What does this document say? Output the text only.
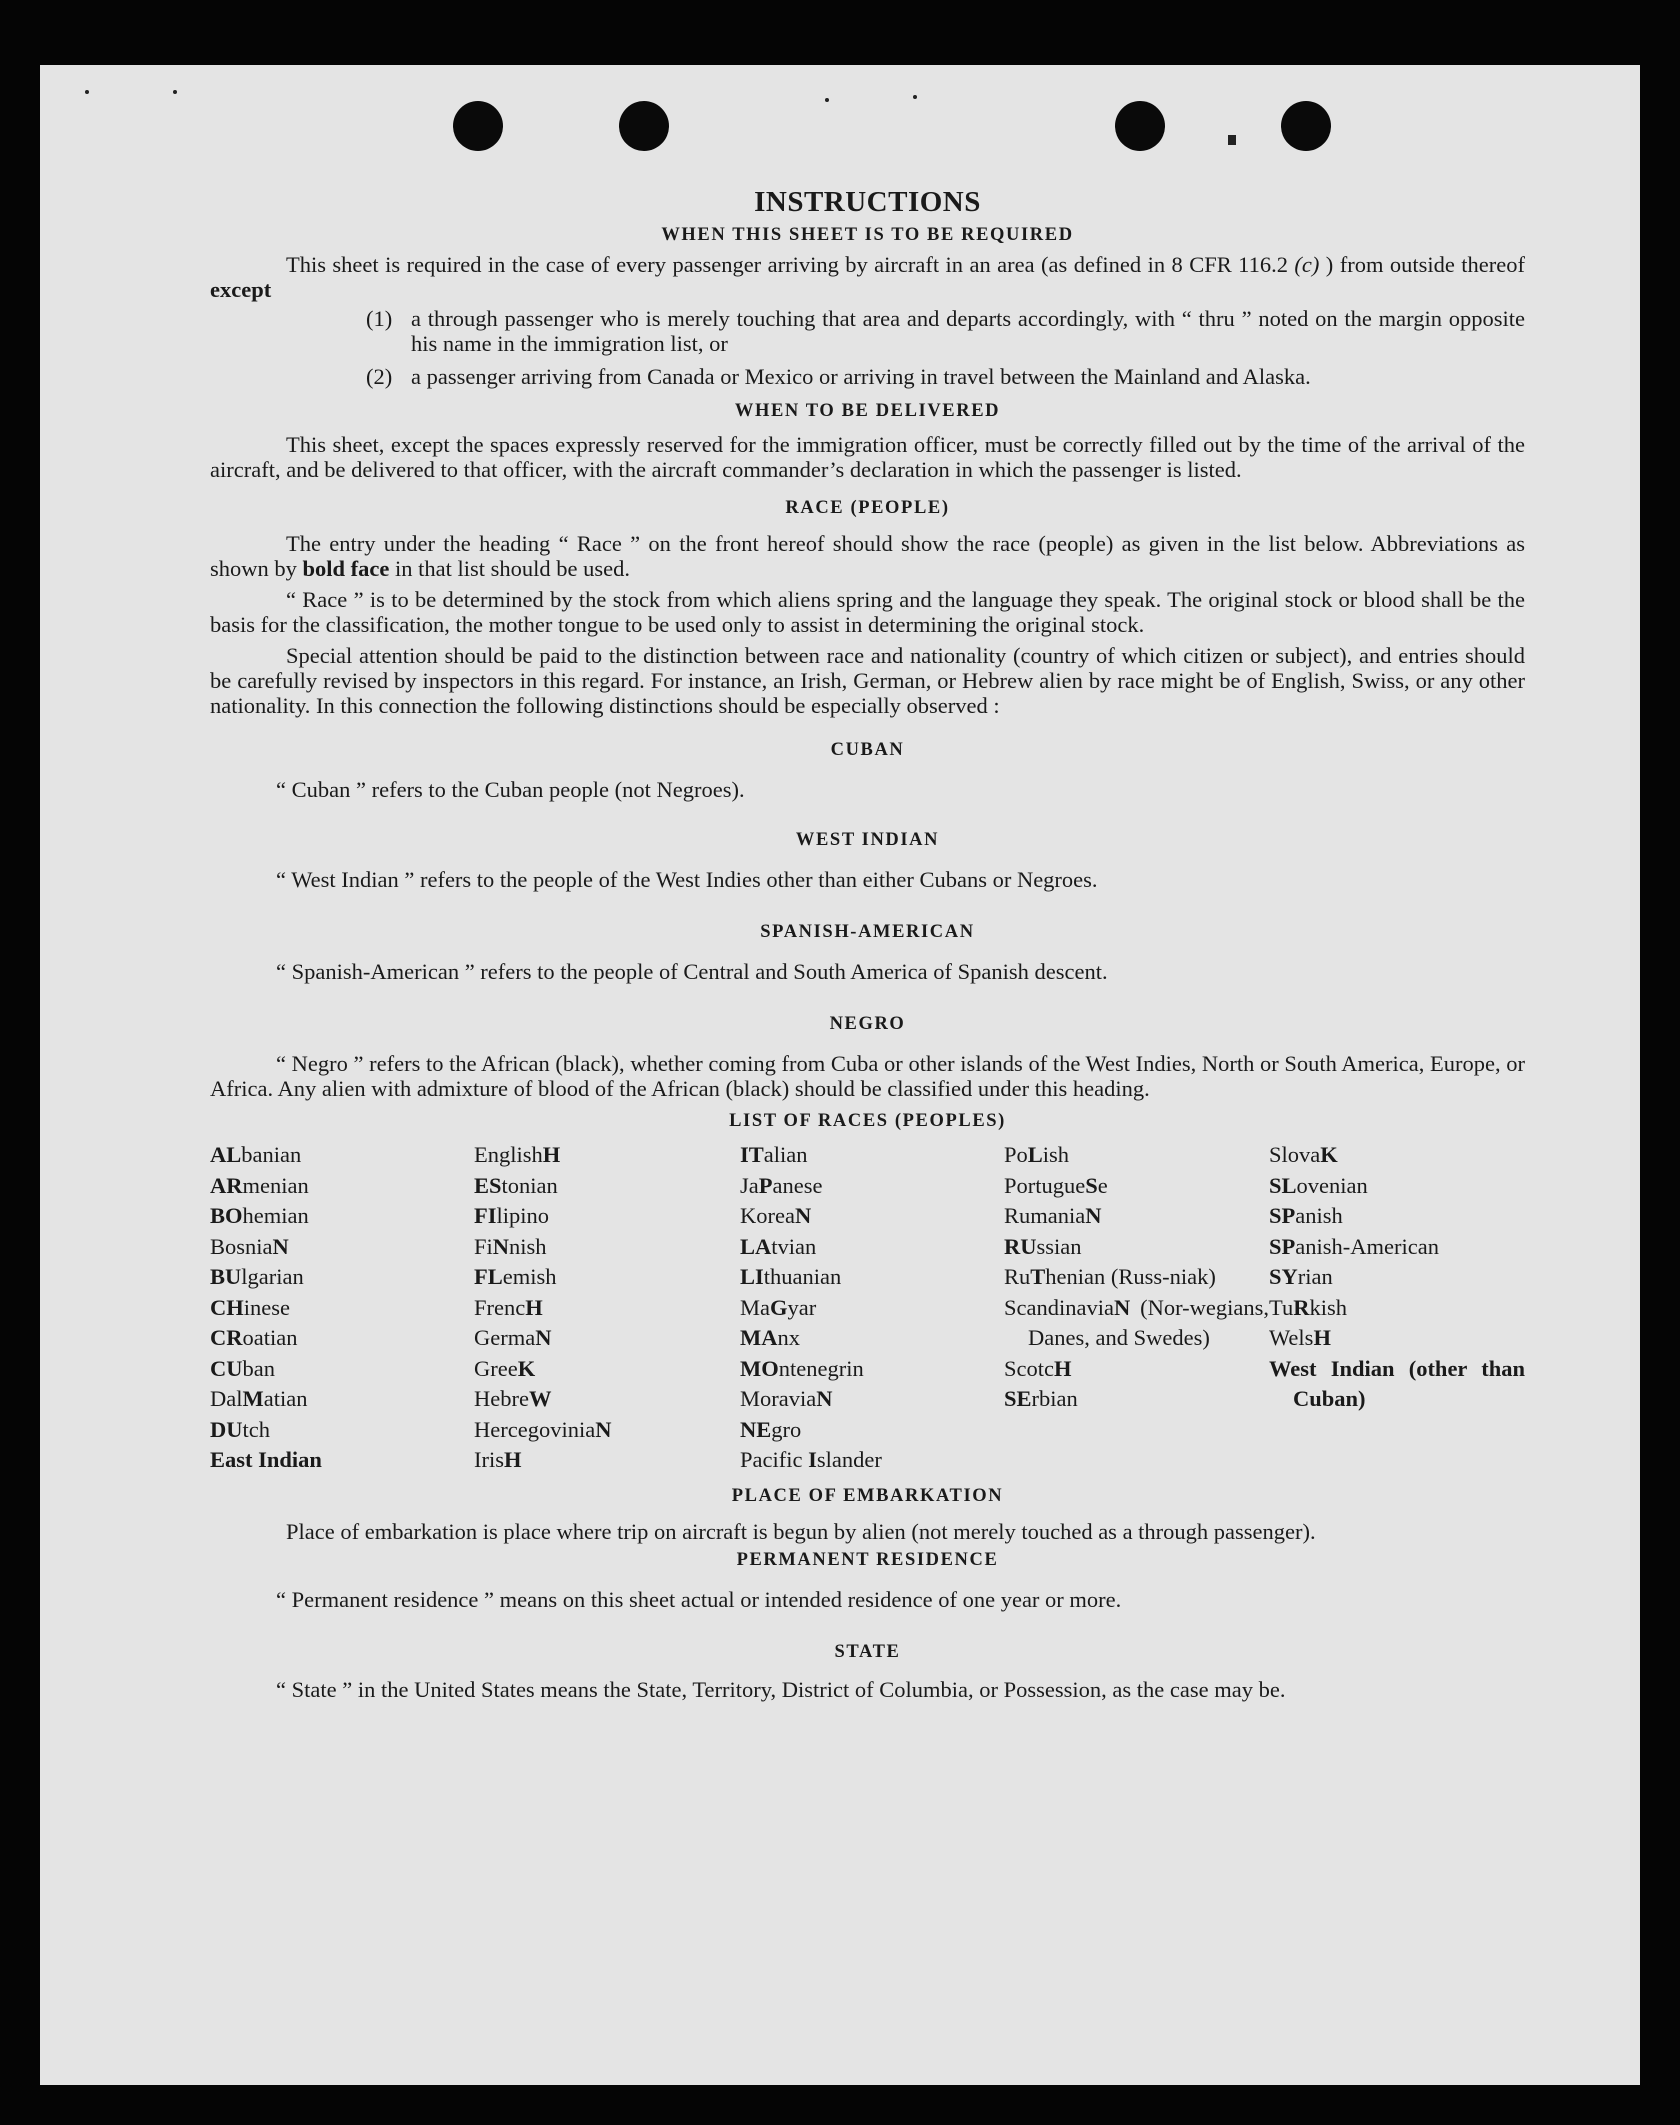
INSTRUCTIONS
WHEN THIS SHEET IS TO BE REQUIRED

This sheet is required in the case of every passenger arriving by aircraft in an area (as defined in 8 CFR 116.2 (c) ) from outside thereof except

(1) a through passenger who is merely touching that area and departs accordingly, with “ thru ” noted on the margin opposite his name in the immigration list, or
(2) a passenger arriving from Canada or Mexico or arriving in travel between the Mainland and Alaska.
WHEN TO BE DELIVERED

This sheet, except the spaces expressly reserved for the immigration officer, must be correctly filled out by the time of the arrival of the aircraft, and be delivered to that officer, with the aircraft commander’s declaration in which the passenger is listed.

RACE (PEOPLE)

The entry under the heading “ Race ” on the front hereof should show the race (people) as given in the list below. Abbreviations as shown by bold face in that list should be used.

“ Race ” is to be determined by the stock from which aliens spring and the language they speak. The original stock or blood shall be the basis for the classification, the mother tongue to be used only to assist in determining the original stock.

Special attention should be paid to the distinction between race and nationality (country of which citizen or subject), and entries should be carefully revised by inspectors in this regard. For instance, an Irish, German, or Hebrew alien by race might be of English, Swiss, or any other nationality. In this connection the following distinctions should be especially observed :

CUBAN

“ Cuban ” refers to the Cuban people (not Negroes).

WEST INDIAN

“ West Indian ” refers to the people of the West Indies other than either Cubans or Negroes.

SPANISH-AMERICAN

“ Spanish-American ” refers to the people of Central and South America of Spanish descent.

NEGRO

“ Negro ” refers to the African (black), whether coming from Cuba or other islands of the West Indies, North or South America, Europe, or Africa. Any alien with admixture of blood of the African (black) should be classified under this heading.

LIST OF RACES (PEOPLES)
ALbanian
ARmenian
BOhemian
BosniaN
BUlgarian
CHinese
CRoatian
CUban
DalMatian
DUtch
East Indian
EnglishH
EStonian
FIlipino
FiNnish
FLemish
FrencH
GermaN
GreeK
HebreW
HercegoviniaN
IrisH
ITalian
JaPanese
KoreaN
LAtvian
LIthuanian
MaGyar
MAnx
MOntenegrin
MoraviaN
NEgro
Pacific Islander
PoLish
PortugueSe
RumaniaN
RUssian
RuThenian (Russ-niak)
ScandinaviaN (Nor-wegians, Danes, and Swedes)
ScotcH
SErbian
SlovaK
SLovenian
SPanish
SPanish-American
SYrian
TuRkish
WelsH
West Indian (other than Cuban)
PLACE OF EMBARKATION

Place of embarkation is place where trip on aircraft is begun by alien (not merely touched as a through passenger).

PERMANENT RESIDENCE

“ Permanent residence ” means on this sheet actual or intended residence of one year or more.

STATE

“ State ” in the United States means the State, Territory, District of Columbia, or Possession, as the case may be.
